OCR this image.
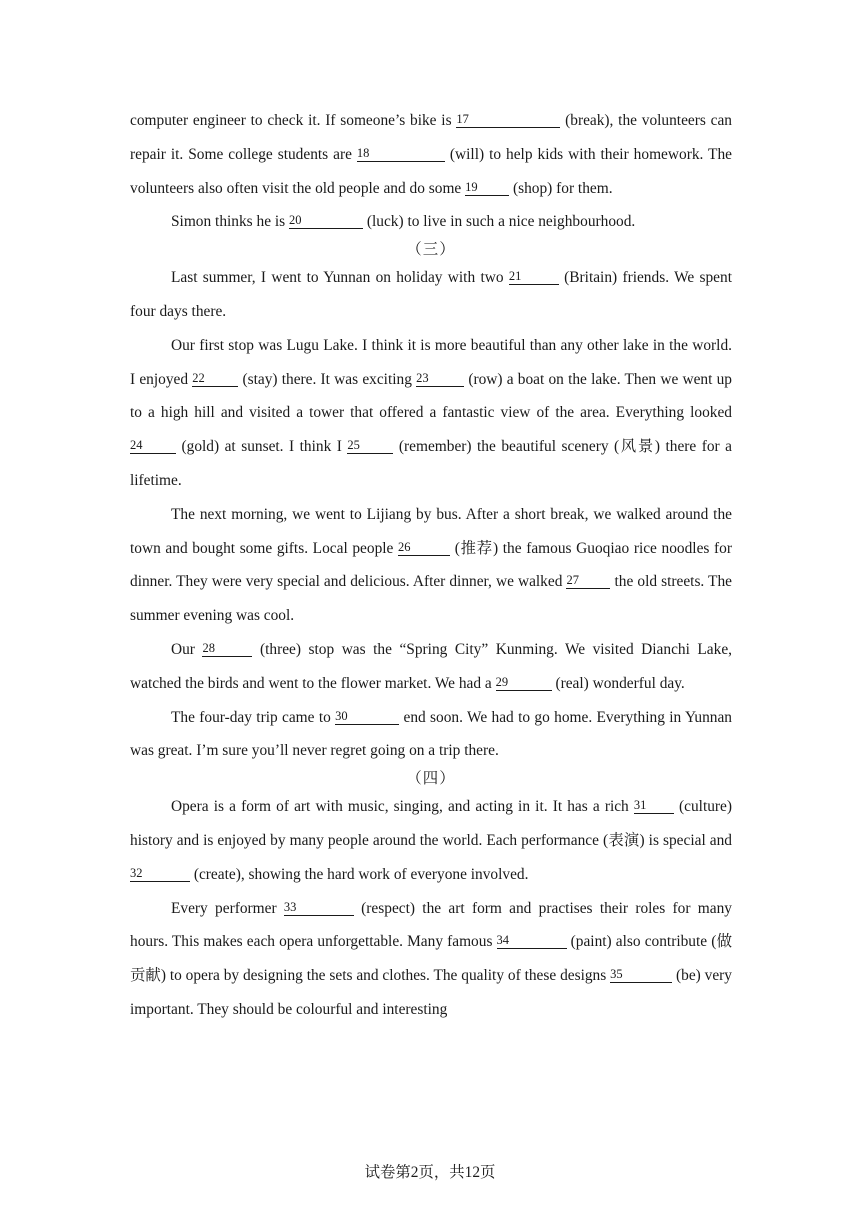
computer engineer to check it. If someone’s bike is 17	(break), the volunteers can repair it. Some college students are 18	(will) to help kids with their homework. The volunteers also often visit the old people and do some 19 (shop) for them.

Simon thinks he is 20	(luck) to live in such a nice neighbourhood.

（三）

Last summer, I went to Yunnan on holiday with two 21 (Britain) friends. We spent four days there.

Our first stop was Lugu Lake. I think it is more beautiful than any other lake in the world. I enjoyed 22 (stay) there. It was exciting 23 (row) a boat on the lake. Then we went up to a high hill and visited a tower that offered a fantastic view of the area. Everything looked 24 (gold) at sunset. I think I 25 (remember) the beautiful scenery (风景) there for a lifetime.

The next morning, we went to Lijiang by bus. After a short break, we walked around the town and bought some gifts. Local people 26	(推荐) the famous Guoqiao rice noodles for dinner. They were very special and delicious. After dinner, we walked 27 the old streets. The summer evening was cool.

Our 28 (three) stop was the “Spring City” Kunming. We visited Dianchi Lake, watched the birds and went to the flower market. We had a 29	(real) wonderful day.

The four-day trip came to 30	end soon. We had to go home. Everything in Yunnan was great. I’m sure you’ll never regret going on a trip there.

（四）

Opera is a form of art with music, singing, and acting in it. It has a rich 31 (culture) history and is enjoyed by many people around the world. Each performance (表演) is special and 32	(create), showing the hard work of everyone involved.

Every performer 33	(respect) the art form and practises their roles for many hours. This makes each opera unforgettable. Many famous 34	(paint) also contribute (做贡献) to opera by designing the sets and clothes. The quality of these designs 35	(be) very important. They should be colourful and interesting

试卷第2页，共12页
